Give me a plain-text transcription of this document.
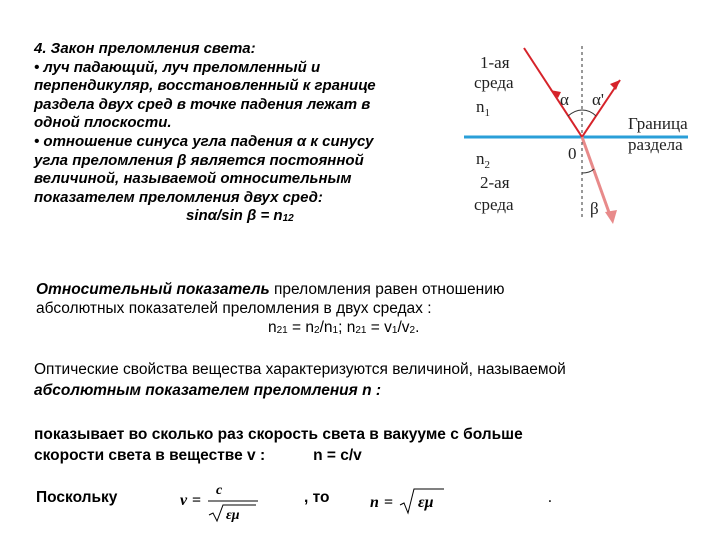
4. Закон преломления света:
• луч падающий, луч преломленный и
перпендикуляр, восстановленный к границе
раздела двух сред в точке падения лежат в
одной плоскости.
• отношение синуса угла падения α к синусу
угла преломления β является постоянной
величиной, называемой относительным
показателем преломления двух сред:
sinα/sin β = n12
1-ая
среда
$n_1$
$n_2$
2-ая
среда
α α'
0
β
Граница
раздела
Относительный показатель преломления равен отношению
абсолютных показателей преломления в двух средах :
n21 = n2/n1; n21 = v1/v2.
Оптические свойства вещества характеризуются величиной, называемой
абсолютным показателем преломления n :
показывает во сколько раз скорость света в вакууме с больше
скорости света в веществе v :	n = c/v
Поскольку	v =
c
εμ
, то	n = εμ	.
